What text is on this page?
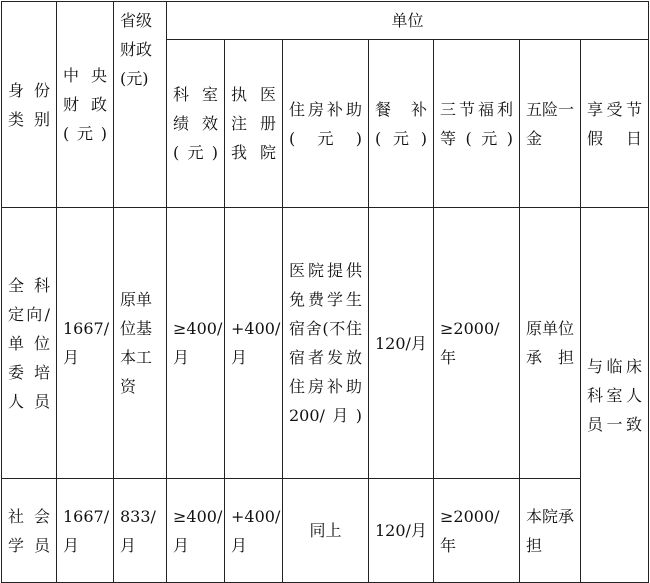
身份类别	中央财政(元)	省级财政(元)	单位						
			科室绩效(元)	执医注册我院	住房补助(元)	餐补(元)	三节福利等(元)	五险一金	享受节假日
全科定向/单位委培人员	1667/月	原单位基本工资	≥400/月	+400/月	医院提供免费学生宿舍(不住宿者发放住房补助200/月)	120/月	≥2000/年	原单位承担	与临床科室人员一致
社会学员	1667/月	833/月	≥400/月	+400/月	同上	120/月	≥2000/年	本院承担	
